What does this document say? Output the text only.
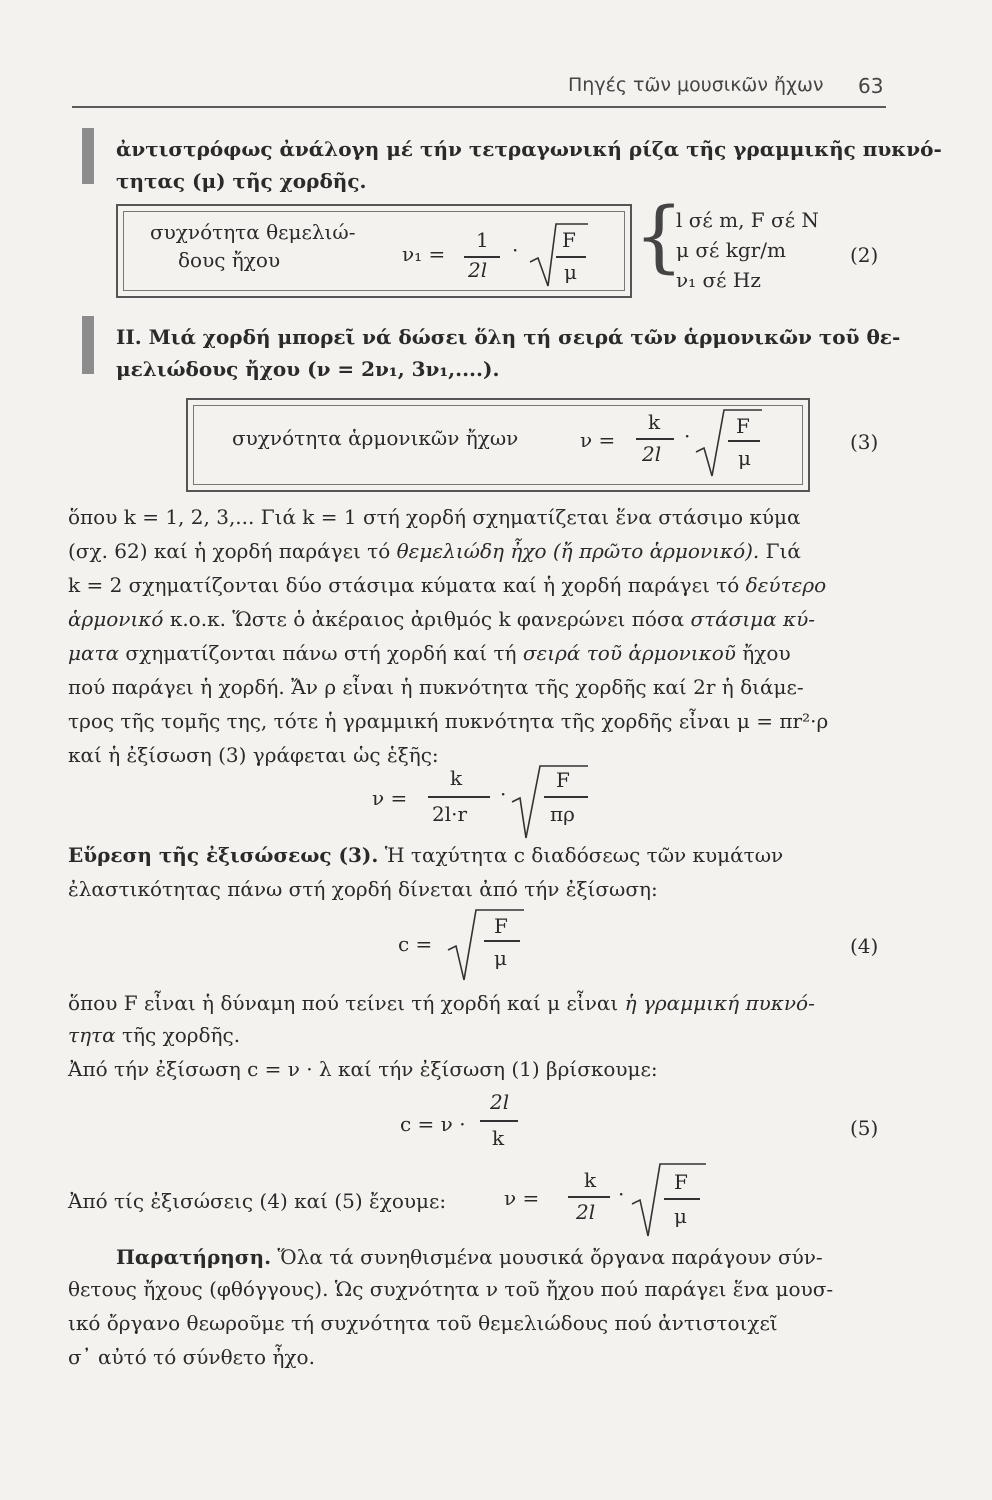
Πηγές τῶν μουσικῶν ἤχων 63
ἀντιστρόφως ἀνάλογη μέ τήν τετραγωνική ρίζα τῆς γραμμικῆς πυκνό-
τητας (μ) τῆς χορδῆς.
συχνότητα θεμελιώ-
δους ἤχου	ν₁ =
1
2l
· F
μ {
l σέ m, F σέ N
μ σέ kgr/m
ν₁ σέ Hz
(2)
II. Μιά χορδή μπορεῖ νά δώσει ὅλη τή σειρά τῶν ἁρμονικῶν τοῦ θε-
μελιώδους ἤχου (ν = 2ν₁, 3ν₁,....).
συχνότητα ἁρμονικῶν ἤχων	ν =
k
2l
· F
μ
(3)
ὅπου k = 1, 2, 3,... Γιά k = 1 στή χορδή σχηματίζεται ἕνα στάσιμο κύμα
(σχ. 62) καί ἡ χορδή παράγει τό θεμελιώδη ἦχο (ἤ πρῶτο ἁρμονικό). Γιά
k = 2 σχηματίζονται δύο στάσιμα κύματα καί ἡ χορδή παράγει τό δεύτερο
ἁρμονικό κ.ο.κ. Ὥστε ὁ ἀκέραιος ἀριθμός k φανερώνει πόσα στάσιμα κύ-
ματα σχηματίζονται πάνω στή χορδή καί τή σειρά τοῦ ἁρμονικοῦ ἤχου
πού παράγει ἡ χορδή. Ἄν ρ εἶναι ἡ πυκνότητα τῆς χορδῆς καί 2r ἡ διάμε-
τρος τῆς τομῆς της, τότε ἡ γραμμική πυκνότητα τῆς χορδῆς εἶναι μ = πr²·ρ
καί ἡ ἐξίσωση (3) γράφεται ὡς ἑξῆς:
ν =
k
2l·r
·
F
πρ
Εὕρεση τῆς ἐξισώσεως (3). Ἡ ταχύτητα c διαδόσεως τῶν κυμάτων
ἐλαστικότητας πάνω στή χορδή δίνεται ἀπό τήν ἐξίσωση:
c =
F
μ	(4)
ὅπου F εἶναι ἡ δύναμη πού τείνει τή χορδή καί μ εἶναι ἡ γραμμική πυκνό-
τητα τῆς χορδῆς.
Ἀπό τήν ἐξίσωση c = ν · λ καί τήν ἐξίσωση (1) βρίσκουμε:
c = ν ·
2l
k	(5)
Ἀπό τίς ἐξισώσεις (4) καί (5) ἔχουμε:	ν =
k
2l
· F
μ
Παρατήρηση. Ὅλα τά συνηθισμένα μουσικά ὄργανα παράγουν σύν-
θετους ἤχους (φθόγγους). Ὡς συχνότητα ν τοῦ ἤχου πού παράγει ἕνα μουσ-
ικό ὄργανο θεωροῦμε τή συχνότητα τοῦ θεμελιώδους πού ἀντιστοιχεῖ
σ᾽ αὐτό τό σύνθετο ἦχο.
